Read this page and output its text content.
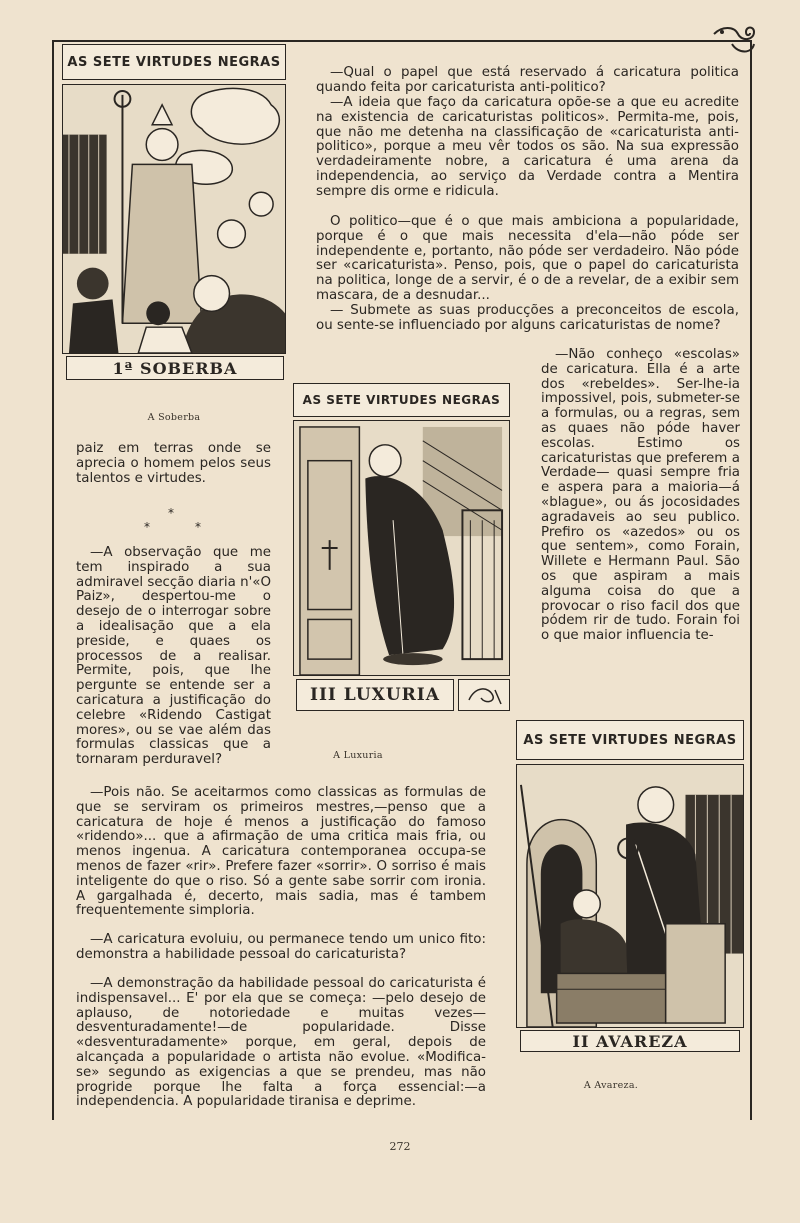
AS SETE VIRTUDES NEGRAS
1ª SOBERBA
A Soberba

—Qual o papel que está reservado á caricatura politica quando feita por caricaturista anti-politico?

—A ideia que faço da caricatura opõe-se a que eu acredite na existencia de caricaturistas politicos». Permita-me, pois, que não me detenha na classificação de «caricaturista anti-politico», porque a meu vêr todos os são. Na sua expressão verdadeiramente nobre, a caricatura é uma arena da independencia, ao serviço da Verdade contra a Mentira sempre dis orme e ridicula.

O politico—que é o que mais ambiciona a popularidade, porque é o que mais necessita d'ela—não póde ser independente e, portanto, não póde ser verdadeiro. Não póde ser «caricaturista». Penso, pois, que o papel do caricaturista na politica, longe de a servir, é o de a revelar, de a exibir sem mascara, de a desnudar...

— Submete as suas producções a preconceitos de escola, ou sente-se influenciado por alguns caricaturistas de nome?

AS SETE VIRTUDES NEGRAS
III LUXURIA
A Luxuria

—Não conheço «escolas» de caricatura. Ella é a arte dos «rebeldes». Ser-lhe-ia impossivel, pois, submeter-se a formulas, ou a regras, sem as quaes não póde haver escolas. Estimo os caricaturistas que preferem a Verdade— quasi sempre fria e aspera para a maioria—á «blague», ou ás jocosidades agradaveis ao seu publico. Prefiro os «azedos» ou os que sentem», como Forain, Willete e Hermann Paul. São os que aspiram a mais alguma coisa do que a provocar o riso facil dos que pódem rir de tudo. Forain foi o que maior influencia te-

paiz em terras onde se aprecia o homem pelos seus talentos e virtudes.

*
*	*

—A observação que me tem inspirado a sua admiravel secção diaria n'«O Paiz», despertou-me o desejo de o interrogar sobre a idealisação que a ela preside, e quaes os processos de a realisar. Permite, pois, que lhe pergunte se entende ser a caricatura a justificação do celebre «Ridendo Castigat mores», ou se vae além das formulas classicas que a tornaram perduravel?

—Pois não. Se aceitarmos como classicas as formulas de que se serviram os primeiros mestres,—penso que a caricatura de hoje é menos a justificação do famoso «ridendo»... que a afirmação de uma critica mais fria, ou menos ingenua. A caricatura contemporanea occupa-se menos de fazer «rir». Prefere fazer «sorrir». O sorriso é mais inteligente do que o riso. Só a gente sabe sorrir com ironia. A gargalhada é, decerto, mais sadia, mas é tambem frequentemente simploria.

—A caricatura evoluiu, ou permanece tendo um unico fito: demonstra a habilidade pessoal do caricaturista?

—A demonstração da habilidade pessoal do caricaturista é indispensavel... E' por ela que se começa: —pelo desejo de aplauso, de notoriedade e muitas vezes—desventuradamente!—de popularidade. Disse «desventuradamente» porque, em geral, depois de alcançada a popularidade o artista não evolue. «Modifica-se» segundo as exigencias a que se prendeu, mas não progride porque lhe falta a força essencial:—a independencia. A popularidade tiranisa e deprime.

AS SETE VIRTUDES NEGRAS
II AVAREZA
A Avareza.
272
